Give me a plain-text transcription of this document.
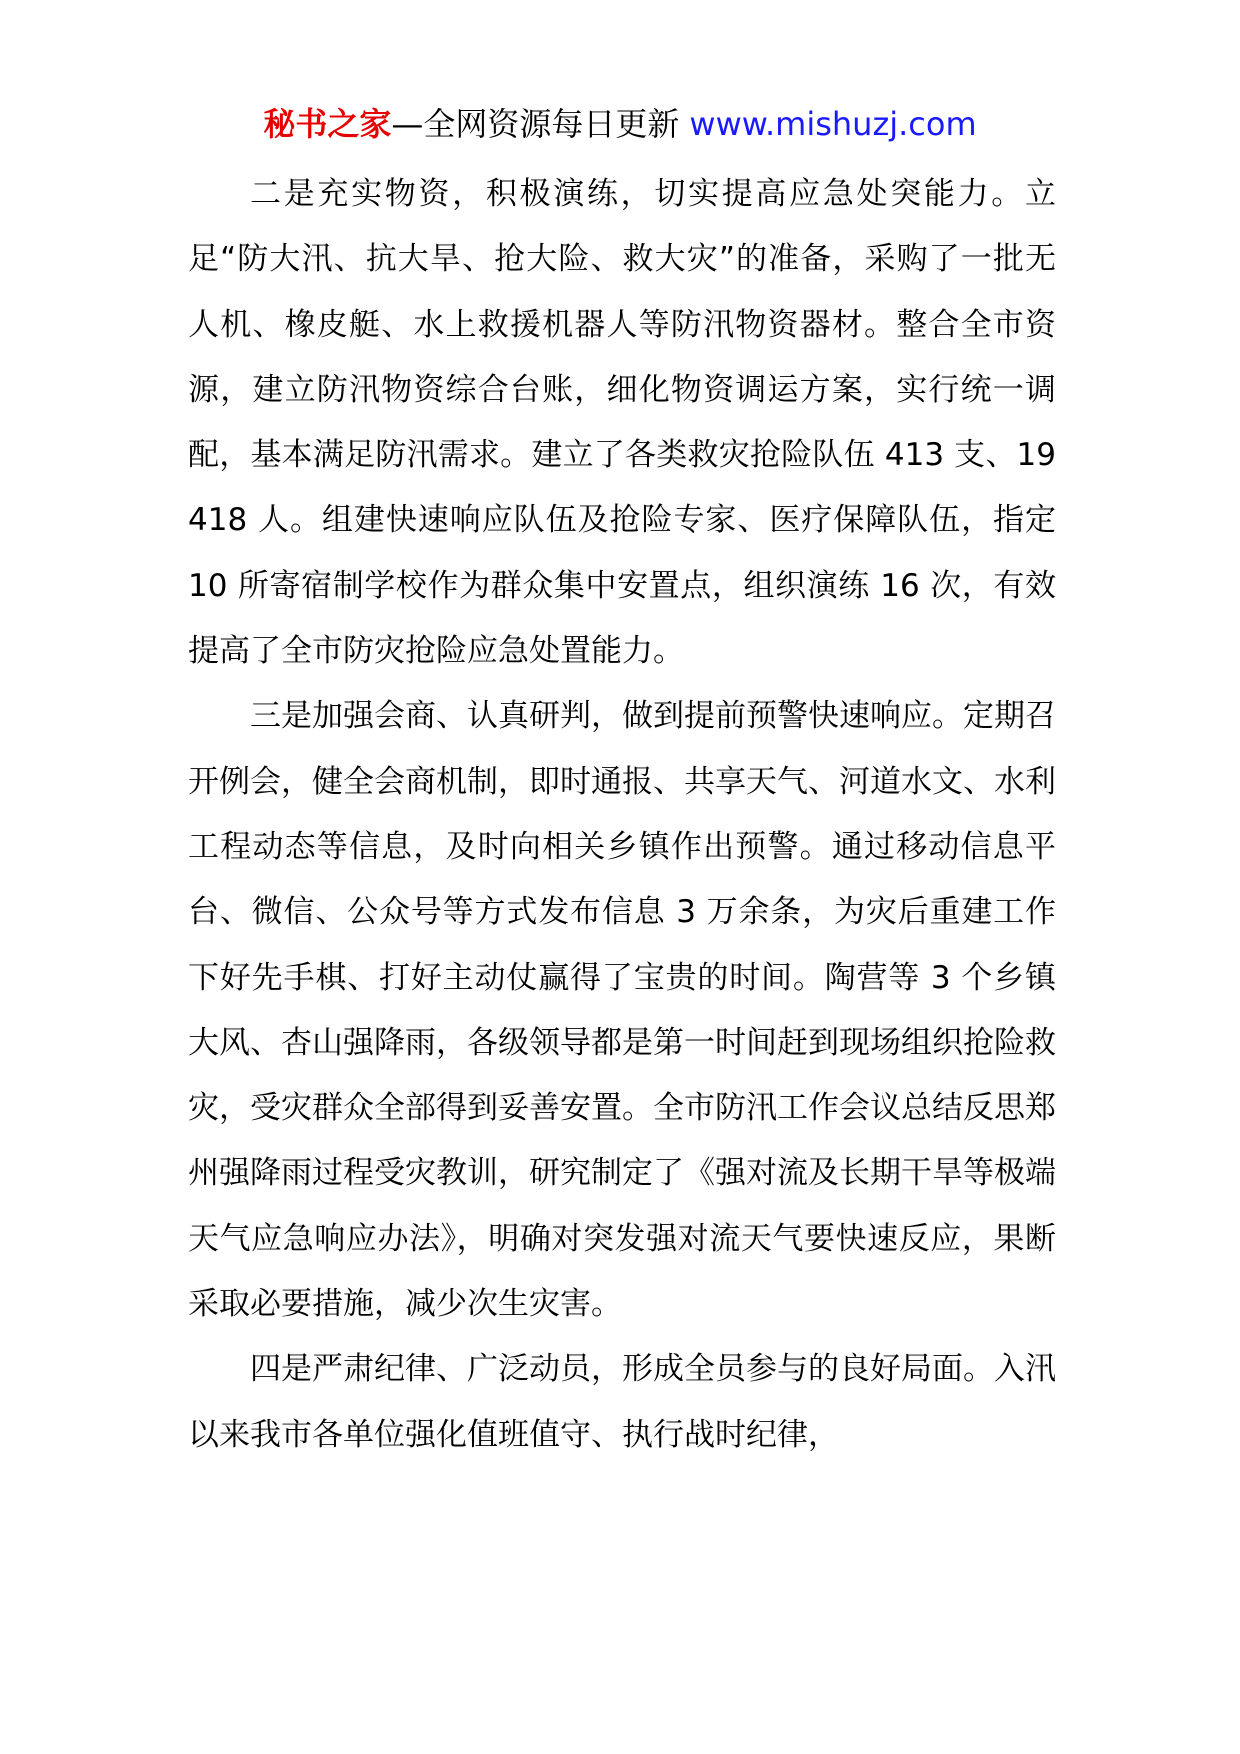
秘书之家—全网资源每日更新 www.mishuzj.com

二是充实物资，积极演练，切实提高应急处突能力。立足“防大汛、抗大旱、抢大险、救大灾”的准备，采购了一批无人机、橡皮艇、水上救援机器人等防汛物资器材。整合全市资源，建立防汛物资综合台账，细化物资调运方案，实行统一调配，基本满足防汛需求。建立了各类救灾抢险队伍 413 支、19418 人。组建快速响应队伍及抢险专家、医疗保障队伍，指定 10 所寄宿制学校作为群众集中安置点，组织演练 16 次，有效提高了全市防灾抢险应急处置能力。

三是加强会商、认真研判，做到提前预警快速响应。定期召开例会，健全会商机制，即时通报、共享天气、河道水文、水利工程动态等信息，及时向相关乡镇作出预警。通过移动信息平台、微信、公众号等方式发布信息 3 万余条，为灾后重建工作下好先手棋、打好主动仗赢得了宝贵的时间。陶营等 3 个乡镇大风、杏山强降雨，各级领导都是第一时间赶到现场组织抢险救灾，受灾群众全部得到妥善安置。全市防汛工作会议总结反思郑州强降雨过程受灾教训，研究制定了《强对流及长期干旱等极端天气应急响应办法》，明确对突发强对流天气要快速反应，果断采取必要措施，减少次生灾害。

四是严肃纪律、广泛动员，形成全员参与的良好局面。入汛以来我市各单位强化值班值守、执行战时纪律，
